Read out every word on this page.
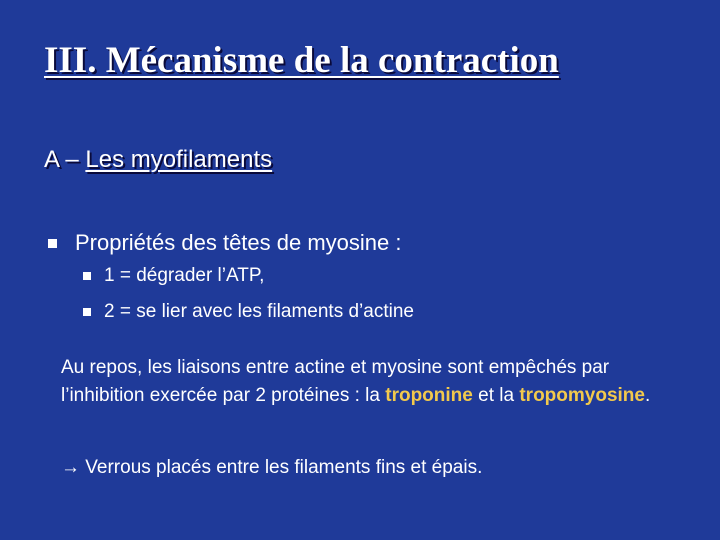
III. Mécanisme de la contraction
A – Les myofilaments
Propriétés des têtes de myosine :
1 = dégrader l’ATP,
2 = se lier avec les filaments d’actine

Au repos, les liaisons entre actine et myosine sont empêchés par l’inhibition exercée par 2 protéines : la troponine et la tropomyosine.

→ Verrous placés entre les filaments fins et épais.
